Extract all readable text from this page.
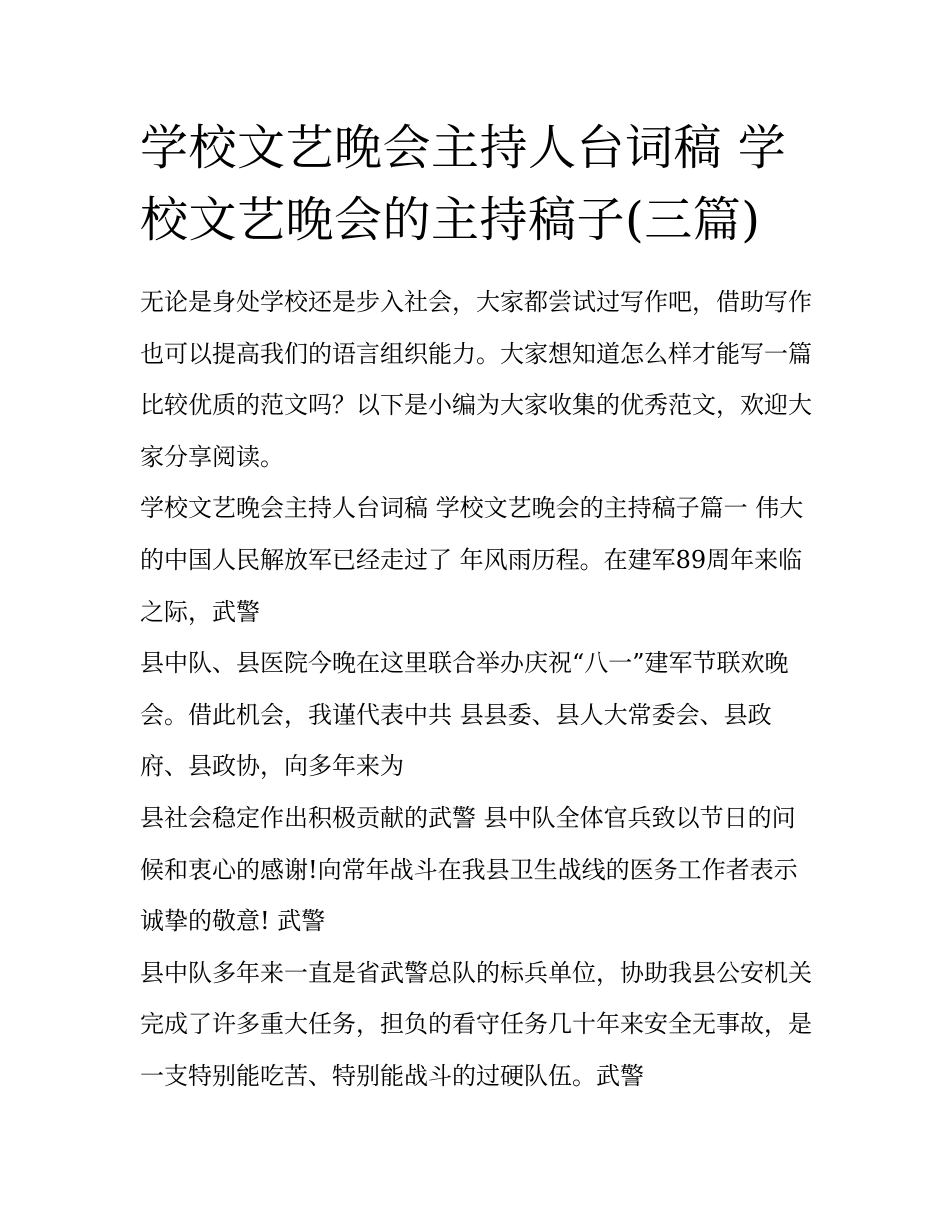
学校文艺晚会主持人台词稿 学校文艺晚会的主持稿子(三篇)

无论是身处学校还是步入社会，大家都尝试过写作吧，借助写作也可以提高我们的语言组织能力。大家想知道怎么样才能写一篇比较优质的范文吗？以下是小编为大家收集的优秀范文，欢迎大家分享阅读。

学校文艺晚会主持人台词稿 学校文艺晚会的主持稿子篇一 伟大的中国人民解放军已经走过了 年风雨历程。在建军89周年来临之际，武警

县中队、县医院今晚在这里联合举办庆祝“八一”建军节联欢晚会。借此机会，我谨代表中共 县县委、县人大常委会、县政府、县政协，向多年来为

县社会稳定作出积极贡献的武警 县中队全体官兵致以节日的问候和衷心的感谢!向常年战斗在我县卫生战线的医务工作者表示诚挚的敬意! 武警

县中队多年来一直是省武警总队的标兵单位，协助我县公安机关完成了许多重大任务，担负的看守任务几十年来安全无事故，是一支特别能吃苦、特别能战斗的过硬队伍。武警
